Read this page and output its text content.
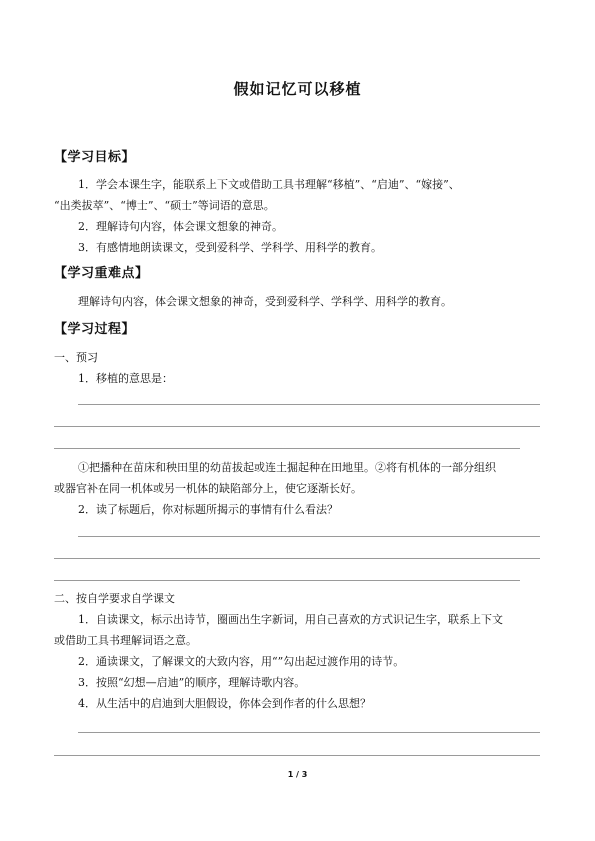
假如记忆可以移植
【学习目标】
1．学会本课生字，能联系上下文或借助工具书理解“移植”、“启迪”、“嫁接”、
“出类拔萃”、“博士”、“硕士”等词语的意思。
2．理解诗句内容，体会课文想象的神奇。
3．有感情地朗读课文，受到爱科学、学科学、用科学的教育。
【学习重难点】
理解诗句内容，体会课文想象的神奇，受到爱科学、学科学、用科学的教育。
【学习过程】
一、预习
1．移植的意思是：
①把播种在苗床和秧田里的幼苗拔起或连土掘起种在田地里。②将有机体的一部分组织
或器官补在同一机体或另一机体的缺陷部分上，使它逐渐长好。
2．读了标题后，你对标题所揭示的事情有什么看法？
二、按自学要求自学课文
1．自读课文，标示出诗节，圈画出生字新词，用自己喜欢的方式识记生字，联系上下文
或借助工具书理解词语之意。
2．通读课文，了解课文的大致内容，用“”勾出起过渡作用的诗节。
3．按照“幻想—启迪”的顺序，理解诗歌内容。
4．从生活中的启迪到大胆假设，你体会到作者的什么思想？
1 / 3
